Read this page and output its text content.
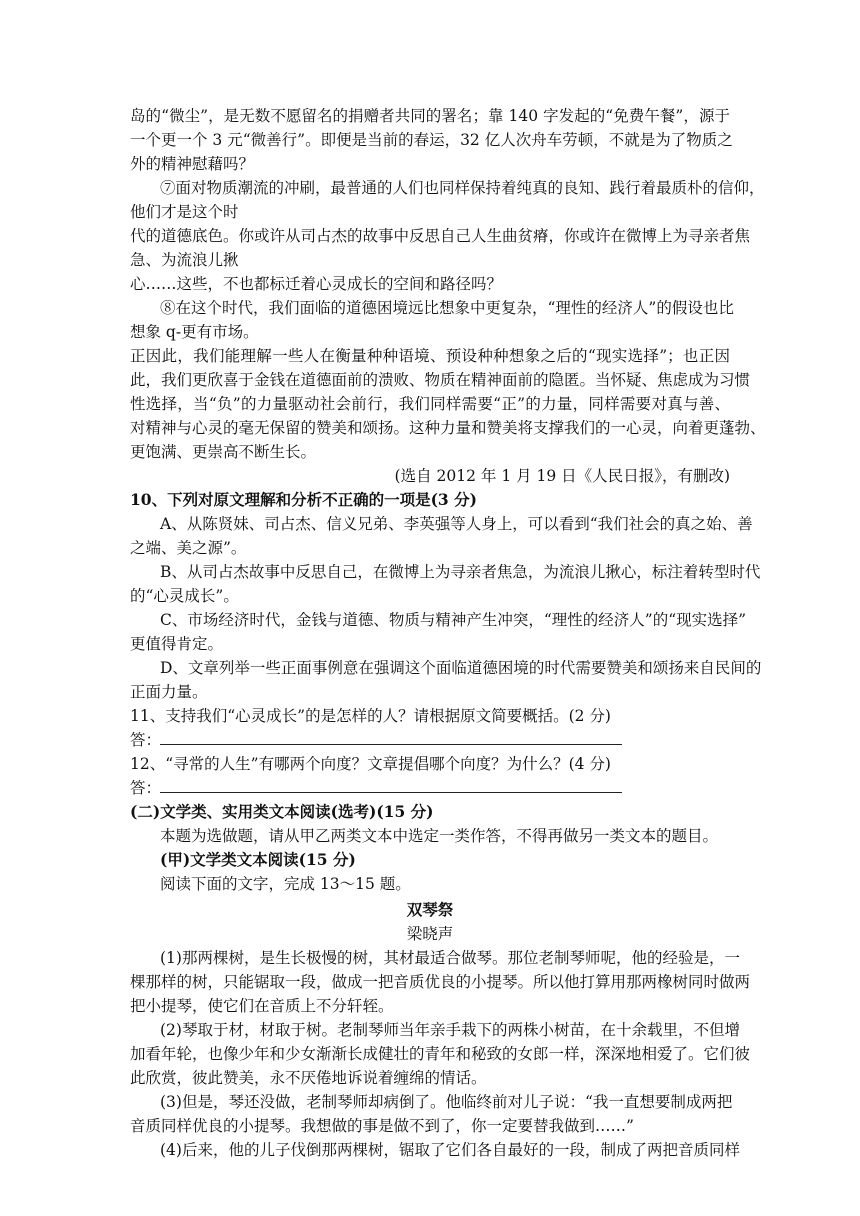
岛的“微尘”，是无数不愿留名的捐赠者共同的署名；靠 140 字发起的“免费午餐”，源于
一个更一个 3 元“微善行”。即便是当前的春运，32 亿人次舟车劳顿，不就是为了物质之
外的精神慰藉吗？
⑦面对物质潮流的冲刷，最普通的人们也同样保持着纯真的良知、践行着最质朴的信仰，
他们才是这个时
代的道德底色。你或许从司占杰的故事中反思自己人生曲贫瘠，你或许在微博上为寻亲者焦
急、为流浪儿揪
心……这些，不也都标迁着心灵成长的空间和路径吗？
⑧在这个时代，我们面临的道德困境远比想象中更复杂，“理性的经济人”的假设也比
想象 q-更有市场。
正因此，我们能理解一些人在衡量种种语境、预设种种想象之后的“现实选择”；也正因
此，我们更欣喜于金钱在道德面前的溃败、物质在精神面前的隐匿。当怀疑、焦虑成为习惯
性选择，当“负”的力量驱动社会前行，我们同样需要“正”的力量，同样需要对真与善、
对精神与心灵的毫无保留的赞美和颂扬。这种力量和赞美将支撑我们的一心灵，向着更蓬勃、
更饱满、更崇高不断生长。
(选自 2012 年 1 月 19 日《人民日报》，有删改)
10、下列对原文理解和分析不正确的一项是(3 分)
A、从陈贤妹、司占杰、信义兄弟、李英强等人身上，可以看到“我们社会的真之始、善
之端、美之源”。
B、从司占杰故事中反思自己，在微博上为寻亲者焦急，为流浪儿揪心，标注着转型时代
的“心灵成长”。
C、市场经济时代，金钱与道德、物质与精神产生冲突，“理性的经济人”的“现实选择”
更值得肯定。
D、文章列举一些正面事例意在强调这个面临道德困境的时代需要赞美和颂扬来自民间的
正面力量。
11、支持我们“心灵成长”的是怎样的人？请根据原文简要概括。(2 分)
答：
12、“寻常的人生”有哪两个向度？文章提倡哪个向度？为什么？(4 分)
答：
(二)文学类、实用类文本阅读(选考)(15 分)
本题为选做题，请从甲乙两类文本中选定一类作答，不得再做另一类文本的题目。
(甲)文学类文本阅读(15 分)
阅读下面的文字，完成 13～15 题。
双琴祭
梁晓声
(1)那两棵树，是生长极慢的树，其材最适合做琴。那位老制琴师呢，他的经验是，一
棵那样的树，只能锯取一段，做成一把音质优良的小提琴。所以他打算用那两橡树同时做两
把小提琴，使它们在音质上不分轩轾。
(2)琴取于材，材取于树。老制琴师当年亲手栽下的两株小树苗，在十余载里，不但增
加看年轮，也像少年和少女渐渐长成健壮的青年和秘致的女郎一样，深深地相爱了。它们彼
此欣赏，彼此赞美，永不厌倦地诉说着缠绵的情话。
(3)但是，琴还没做，老制琴师却病倒了。他临终前对儿子说：“我一直想要制成两把
音质同样优良的小提琴。我想做的事是做不到了，你一定要替我做到……”
(4)后来，他的儿子伐倒那两棵树，锯取了它们各自最好的一段，制成了两把音质同样
